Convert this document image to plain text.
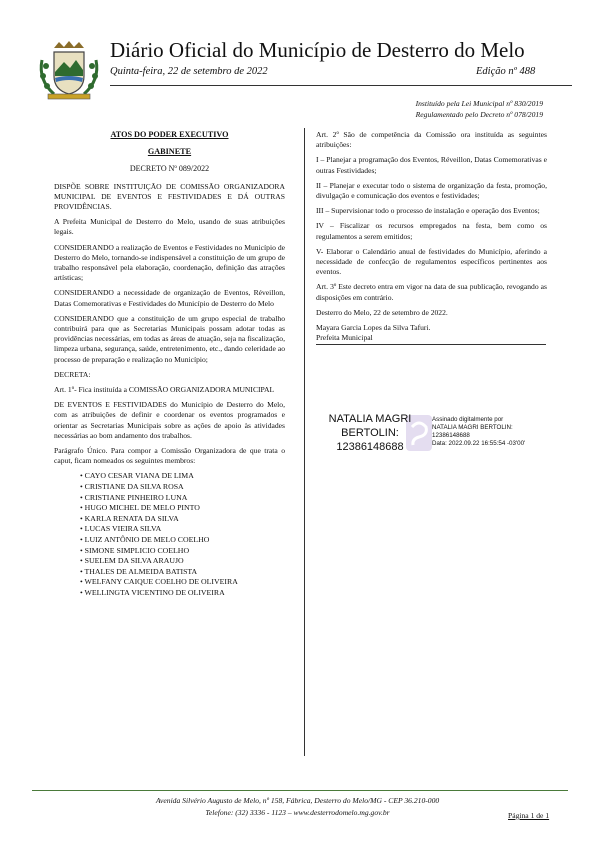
Diário Oficial do Município de Desterro do Melo
Quinta-feira, 22 de setembro de 2022	Edição nº 488
Instituído pela Lei Municipal nº 830/2019
Regulamentado pelo Decreto nº 078/2019
ATOS DO PODER EXECUTIVO
GABINETE
DECRETO Nº 089/2022

DISPÕE SOBRE INSTITUIÇÃO DE COMISSÃO ORGANIZADORA MUNICIPAL DE EVENTOS E FESTIVIDADES E DÁ OUTRAS PROVIDÊNCIAS.

A Prefeita Municipal de Desterro do Melo, usando de suas atribuições legais.

CONSIDERANDO a realização de Eventos e Festividades no Município de Desterro do Melo, tornando-se indispensável a constituição de um grupo de trabalho responsável pela elaboração, coordenação, definição das atrações artísticas;

CONSIDERANDO a necessidade de organização de Eventos, Réveillon, Datas Comemorativas e Festividades do Município de Desterro do Melo

CONSIDERANDO que a constituição de um grupo especial de trabalho contribuirá para que as Secretarias Municipais possam adotar todas as providências necessárias, em todas as áreas de atuação, seja na fiscalização, limpeza urbana, segurança, saúde, entretenimento, etc., dando celeridade ao processo de preparação e realização no Município;

DECRETA:

Art. 1º- Fica instituída a COMISSÃO ORGANIZADORA MUNICIPAL

DE EVENTOS E FESTIVIDADES do Município de Desterro do Melo, com as atribuições de definir e coordenar os eventos programados e orientar as Secretarias Municipais sobre as ações de apoio às atividades necessárias ao bom andamento dos trabalhos.

Parágrafo Único. Para compor a Comissão Organizadora de que trata o caput, ficam nomeados os seguintes membros:

• CAYO CESAR VIANA DE LIMA
• CRISTIANE DA SILVA ROSA
• CRISTIANE PINHEIRO LUNA
• HUGO MICHEL DE MELO PINTO
• KARLA RENATA DA SILVA
• LUCAS VIEIRA SILVA
• LUIZ ANTÔNIO DE MELO COELHO
• SIMONE SIMPLICIO COELHO
• SUELEM DA SILVA ARAUJO
• THALES DE ALMEIDA BATISTA
• WELFANY CAIQUE COELHO DE OLIVEIRA
• WELLINGTA VICENTINO DE OLIVEIRA

Art. 2º São de competência da Comissão ora instituída as seguintes atribuições:

I – Planejar a programação dos Eventos, Réveillon, Datas Comemorativas e outras Festividades;

II – Planejar e executar todo o sistema de organização da festa, promoção, divulgação e comunicação dos eventos e festividades;

III – Supervisionar todo o processo de instalação e operação dos Eventos;

IV – Fiscalizar os recursos empregados na festa, bem como os regulamentos a serem emitidos;

V- Elaborar o Calendário anual de festividades do Município, aferindo a necessidade de confecção de regulamentos específicos pertinentes aos eventos.

Art. 3º Este decreto entra em vigor na data de sua publicação, revogando as disposições em contrário.

Desterro do Melo, 22 de setembro de 2022.

Mayara Garcia Lopes da Silva Tafuri.

Prefeita Municipal

NATALIA MAGRI BERTOLIN:
12386148688
Assinado digitalmente por
NATALIA MAGRI BERTOLIN:
12386148688
Data: 2022.09.22 16:55:54 -03'00'
Avenida Silvério Augusto de Melo, nº 158, Fábrica, Desterro do Melo/MG - CEP 36.210-000
Telefone: (32) 3336 - 1123 – www.desterrodomelo.mg.gov.br	Página 1 de 1
